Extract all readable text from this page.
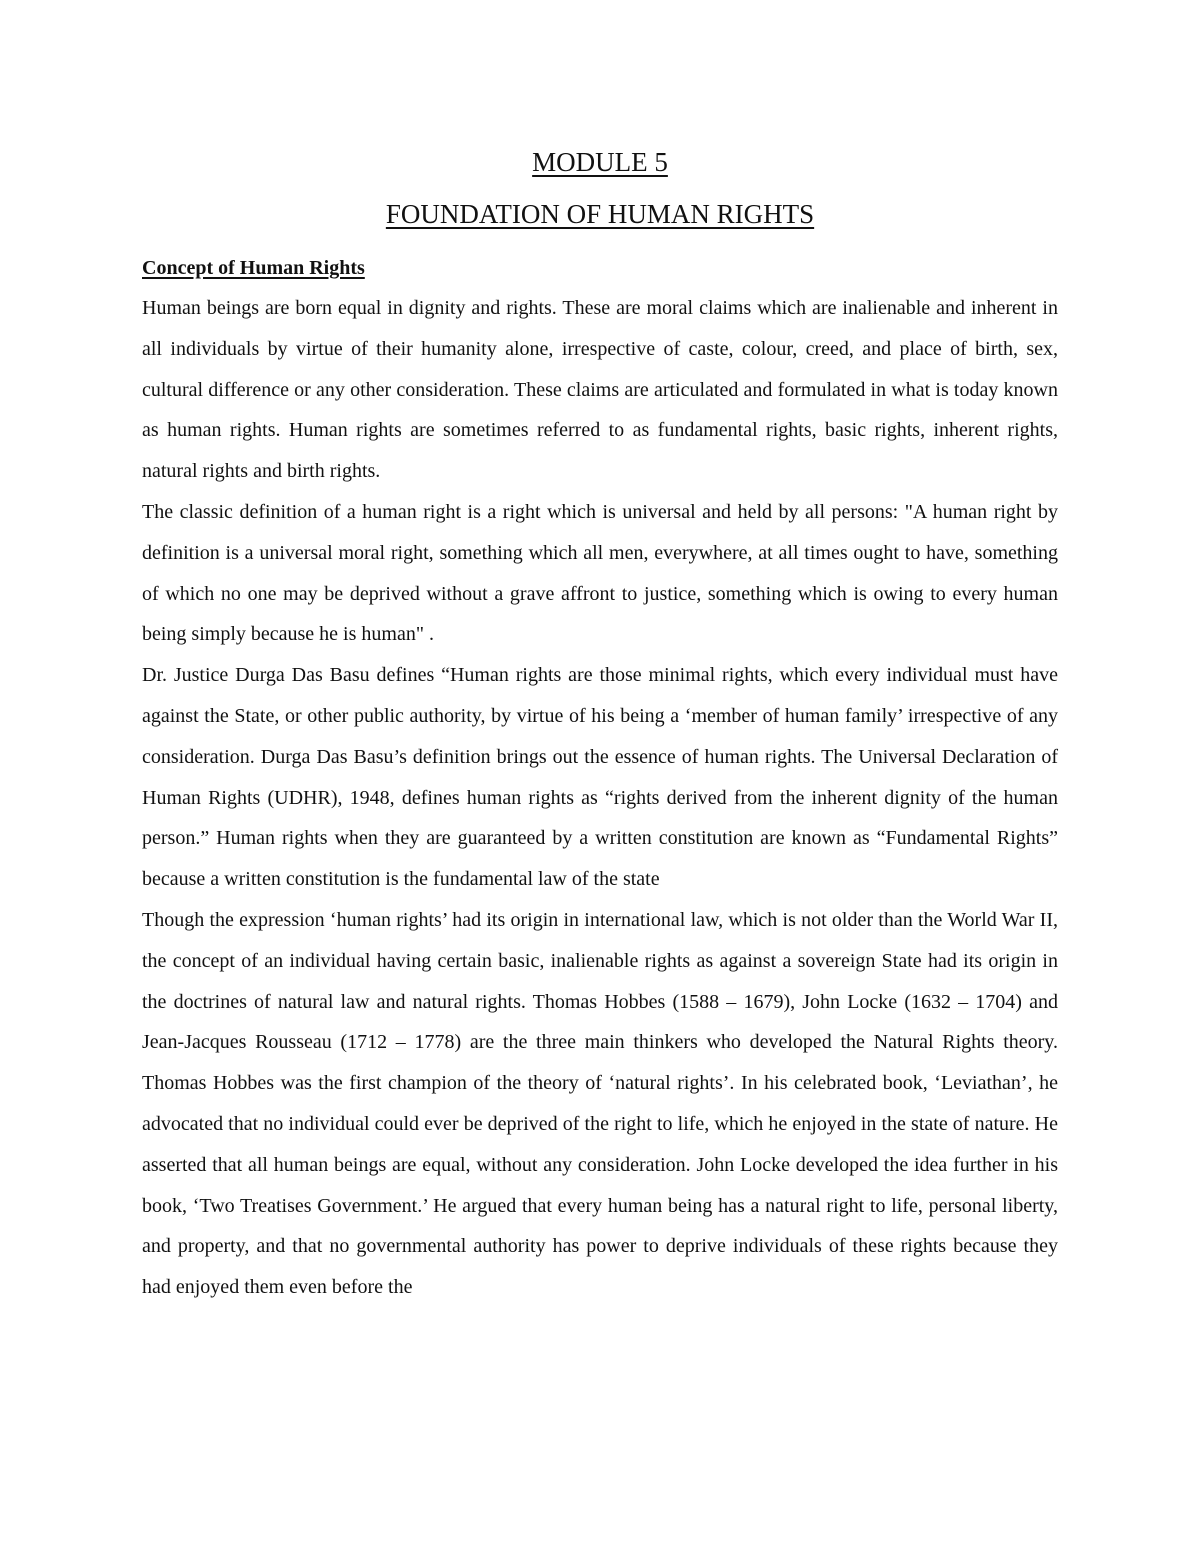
MODULE 5
FOUNDATION OF HUMAN RIGHTS
Concept of Human Rights

Human beings are born equal in dignity and rights. These are moral claims which are inalienable and inherent in all individuals by virtue of their humanity alone, irrespective of caste, colour, creed, and place of birth, sex, cultural difference or any other consideration. These claims are articulated and formulated in what is today known as human rights. Human rights are sometimes referred to as fundamental rights, basic rights, inherent rights, natural rights and birth rights.

The classic definition of a human right is a right which is universal and held by all persons: "A human right by definition is a universal moral right, something which all men, everywhere, at all times ought to have, something of which no one may be deprived without a grave affront to justice, something which is owing to every human being simply because he is human" .

Dr. Justice Durga Das Basu defines “Human rights are those minimal rights, which every individual must have against the State, or other public authority, by virtue of his being a ‘member of human family’ irrespective of any consideration. Durga Das Basu’s definition brings out the essence of human rights. The Universal Declaration of Human Rights (UDHR), 1948, defines human rights as “rights derived from the inherent dignity of the human person.” Human rights when they are guaranteed by a written constitution are known as “Fundamental Rights” because a written constitution is the fundamental law of the state

Though the expression ‘human rights’ had its origin in international law, which is not older than the World War II, the concept of an individual having certain basic, inalienable rights as against a sovereign State had its origin in the doctrines of natural law and natural rights. Thomas Hobbes (1588 – 1679), John Locke (1632 – 1704) and Jean-Jacques Rousseau (1712 – 1778) are the three main thinkers who developed the Natural Rights theory. Thomas Hobbes was the first champion of the theory of ‘natural rights’. In his celebrated book, ‘Leviathan’, he advocated that no individual could ever be deprived of the right to life, which he enjoyed in the state of nature. He asserted that all human beings are equal, without any consideration. John Locke developed the idea further in his book, ‘Two Treatises Government.’ He argued that every human being has a natural right to life, personal liberty, and property, and that no governmental authority has power to deprive individuals of these rights because they had enjoyed them even before the
